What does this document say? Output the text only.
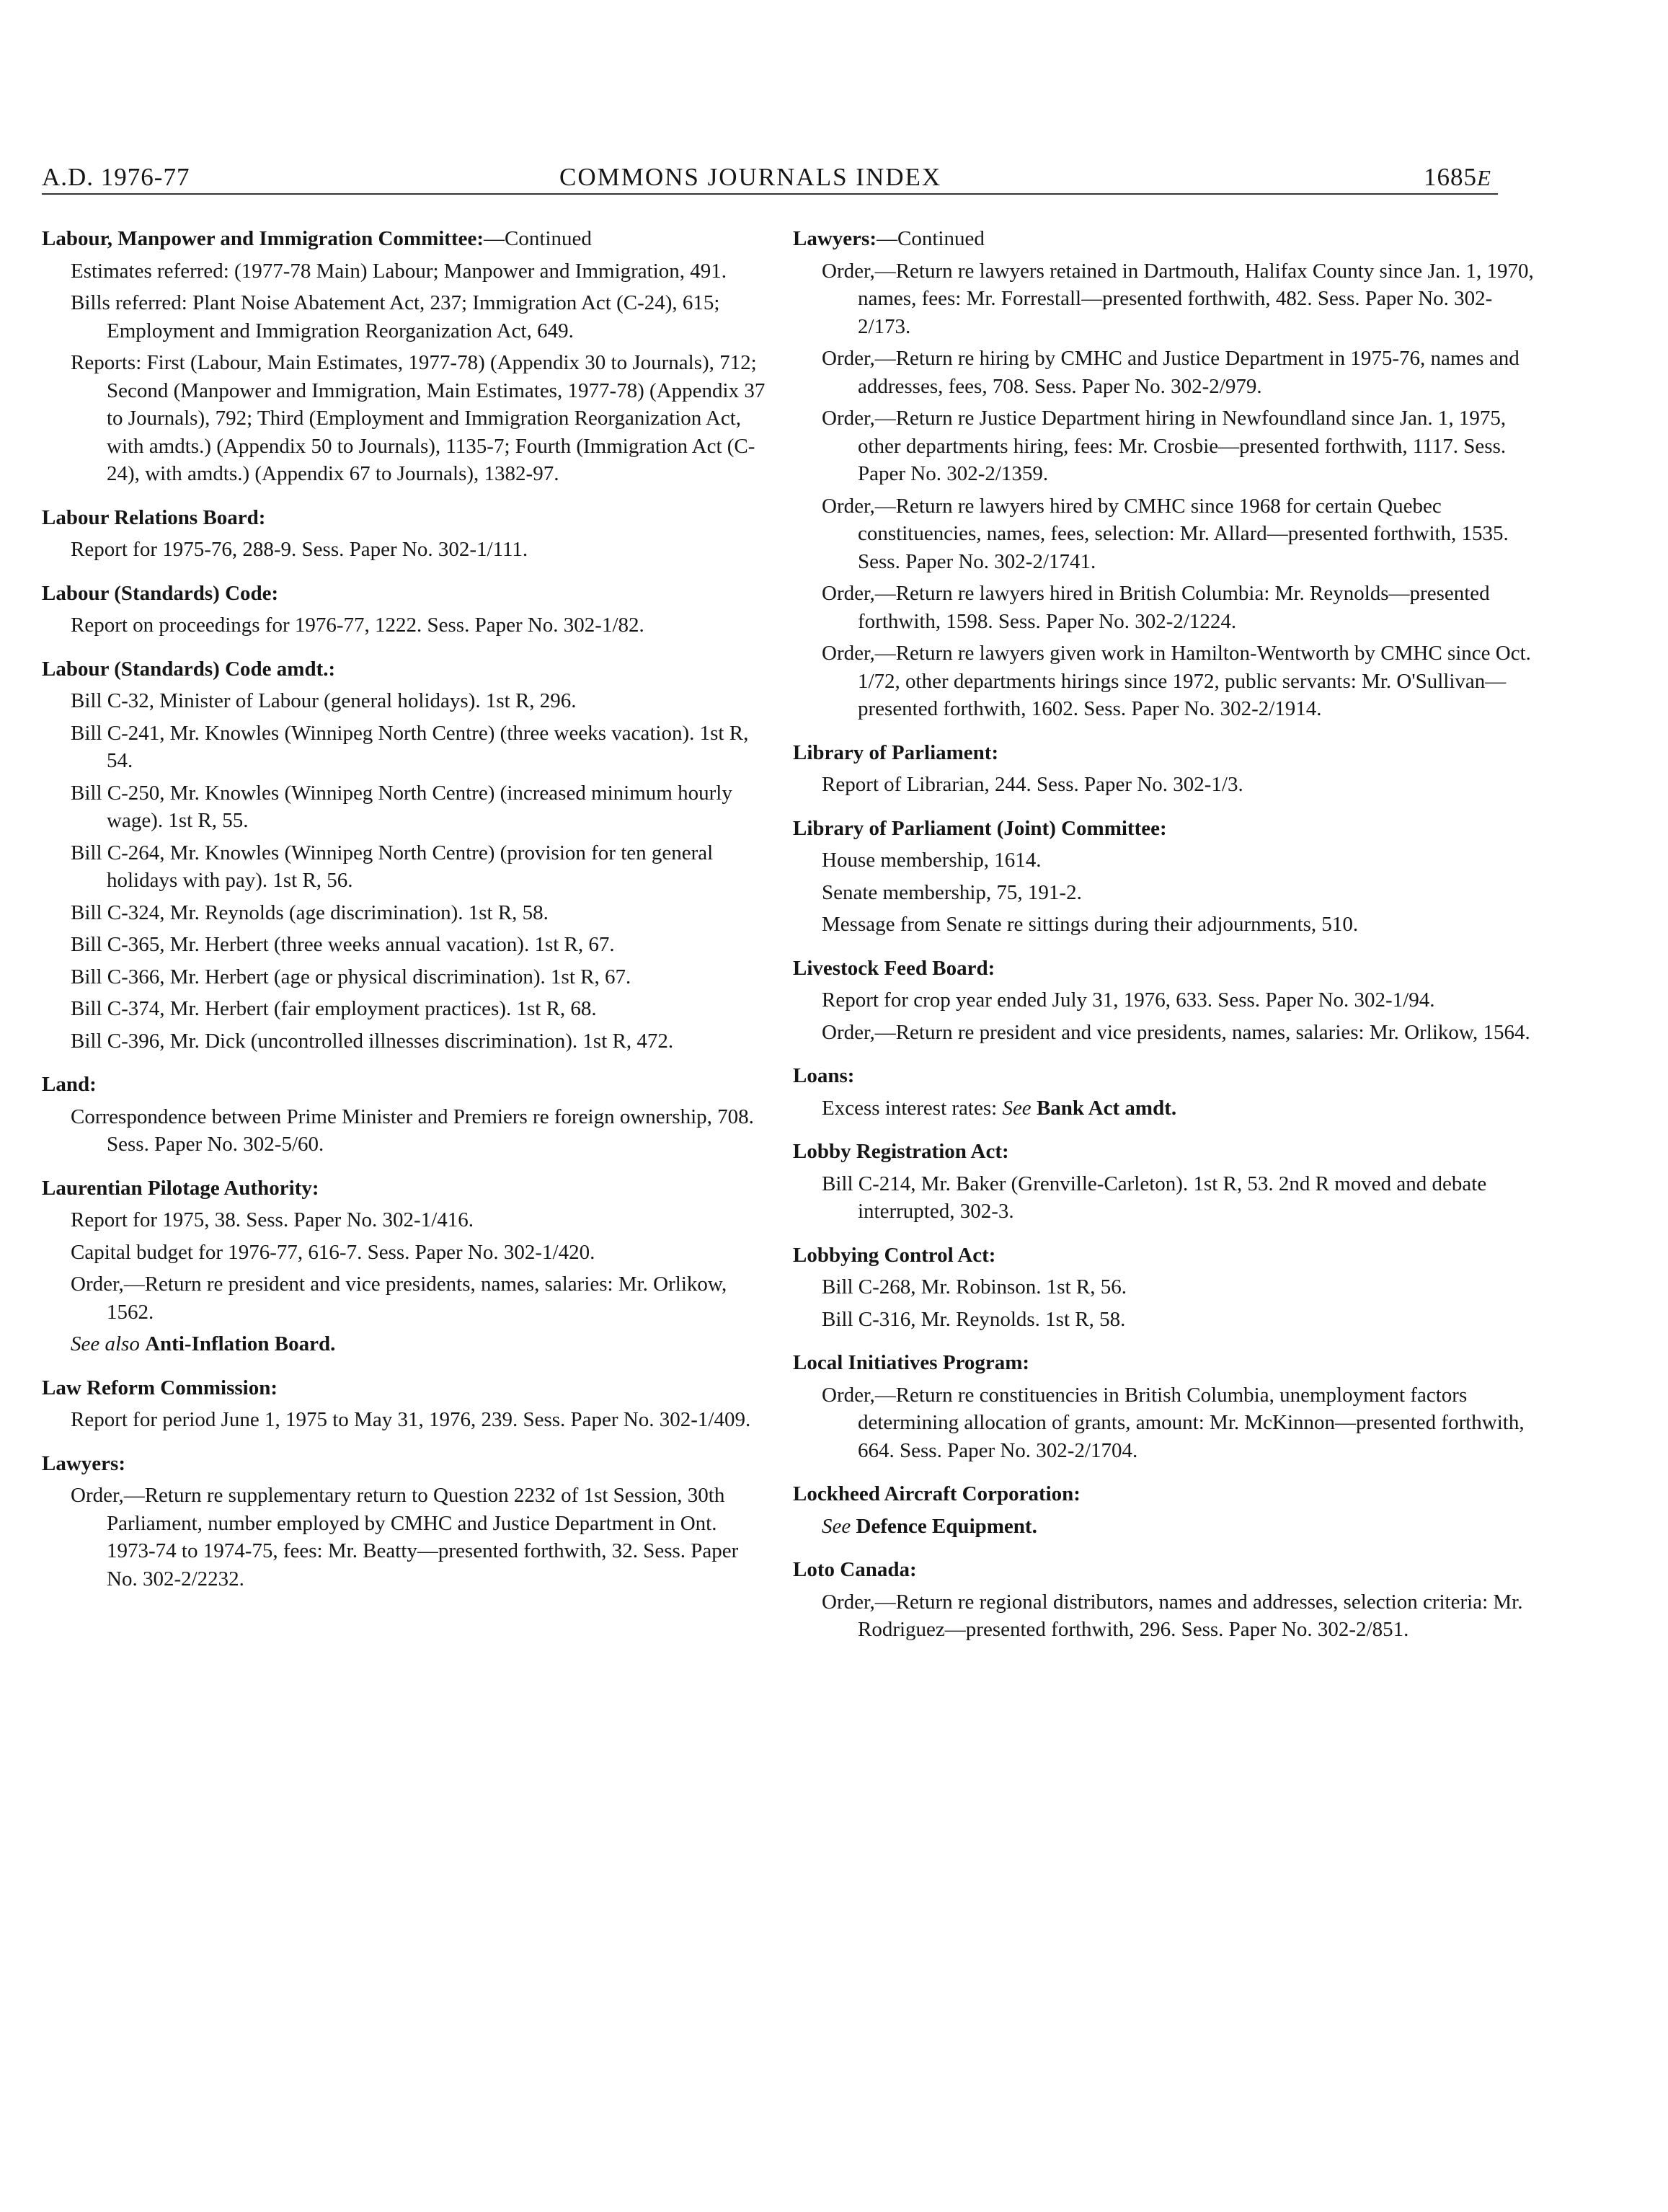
A.D. 1976-77	COMMONS JOURNALS INDEX	1685E
Labour, Manpower and Immigration Committee:—Continued
Estimates referred: (1977-78 Main) Labour; Manpower and Immigration, 491.
Bills referred: Plant Noise Abatement Act, 237; Immigration Act (C-24), 615; Employment and Immigration Reorganization Act, 649.
Reports: First (Labour, Main Estimates, 1977-78) (Appendix 30 to Journals), 712; Second (Manpower and Immigration, Main Estimates, 1977-78) (Appendix 37 to Journals), 792; Third (Employment and Immigration Reorganization Act, with amdts.) (Appendix 50 to Journals), 1135-7; Fourth (Immigration Act (C-24), with amdts.) (Appendix 67 to Journals), 1382-97.
Labour Relations Board:
Report for 1975-76, 288-9. Sess. Paper No. 302-1/111.
Labour (Standards) Code:
Report on proceedings for 1976-77, 1222. Sess. Paper No. 302-1/82.
Labour (Standards) Code amdt.:
Bill C-32, Minister of Labour (general holidays). 1st R, 296.
Bill C-241, Mr. Knowles (Winnipeg North Centre) (three weeks vacation). 1st R, 54.
Bill C-250, Mr. Knowles (Winnipeg North Centre) (increased minimum hourly wage). 1st R, 55.
Bill C-264, Mr. Knowles (Winnipeg North Centre) (provision for ten general holidays with pay). 1st R, 56.
Bill C-324, Mr. Reynolds (age discrimination). 1st R, 58.
Bill C-365, Mr. Herbert (three weeks annual vacation). 1st R, 67.
Bill C-366, Mr. Herbert (age or physical discrimination). 1st R, 67.
Bill C-374, Mr. Herbert (fair employment practices). 1st R, 68.
Bill C-396, Mr. Dick (uncontrolled illnesses discrimination). 1st R, 472.
Land:
Correspondence between Prime Minister and Premiers re foreign ownership, 708. Sess. Paper No. 302-5/60.
Laurentian Pilotage Authority:
Report for 1975, 38. Sess. Paper No. 302-1/416.
Capital budget for 1976-77, 616-7. Sess. Paper No. 302-1/420.
Order,—Return re president and vice presidents, names, salaries: Mr. Orlikow, 1562.
See also Anti-Inflation Board.
Law Reform Commission:
Report for period June 1, 1975 to May 31, 1976, 239. Sess. Paper No. 302-1/409.
Lawyers:
Order,—Return re supplementary return to Question 2232 of 1st Session, 30th Parliament, number employed by CMHC and Justice Department in Ont. 1973-74 to 1974-75, fees: Mr. Beatty—presented forthwith, 32. Sess. Paper No. 302-2/2232.
Lawyers:—Continued
Order,—Return re lawyers retained in Dartmouth, Halifax County since Jan. 1, 1970, names, fees: Mr. Forrestall—presented forthwith, 482. Sess. Paper No. 302-2/173.
Order,—Return re hiring by CMHC and Justice Department in 1975-76, names and addresses, fees, 708. Sess. Paper No. 302-2/979.
Order,—Return re Justice Department hiring in Newfoundland since Jan. 1, 1975, other departments hiring, fees: Mr. Crosbie—presented forthwith, 1117. Sess. Paper No. 302-2/1359.
Order,—Return re lawyers hired by CMHC since 1968 for certain Quebec constituencies, names, fees, selection: Mr. Allard—presented forthwith, 1535. Sess. Paper No. 302-2/1741.
Order,—Return re lawyers hired in British Columbia: Mr. Reynolds—presented forthwith, 1598. Sess. Paper No. 302-2/1224.
Order,—Return re lawyers given work in Hamilton-Wentworth by CMHC since Oct. 1/72, other departments hirings since 1972, public servants: Mr. O'Sullivan—presented forthwith, 1602. Sess. Paper No. 302-2/1914.
Library of Parliament:
Report of Librarian, 244. Sess. Paper No. 302-1/3.
Library of Parliament (Joint) Committee:
House membership, 1614.
Senate membership, 75, 191-2.
Message from Senate re sittings during their adjournments, 510.
Livestock Feed Board:
Report for crop year ended July 31, 1976, 633. Sess. Paper No. 302-1/94.
Order,—Return re president and vice presidents, names, salaries: Mr. Orlikow, 1564.
Loans:
Excess interest rates: See Bank Act amdt.
Lobby Registration Act:
Bill C-214, Mr. Baker (Grenville-Carleton). 1st R, 53. 2nd R moved and debate interrupted, 302-3.
Lobbying Control Act:
Bill C-268, Mr. Robinson. 1st R, 56.
Bill C-316, Mr. Reynolds. 1st R, 58.
Local Initiatives Program:
Order,—Return re constituencies in British Columbia, unemployment factors determining allocation of grants, amount: Mr. McKinnon—presented forthwith, 664. Sess. Paper No. 302-2/1704.
Lockheed Aircraft Corporation:
See Defence Equipment.
Loto Canada:
Order,—Return re regional distributors, names and addresses, selection criteria: Mr. Rodriguez—presented forthwith, 296. Sess. Paper No. 302-2/851.
